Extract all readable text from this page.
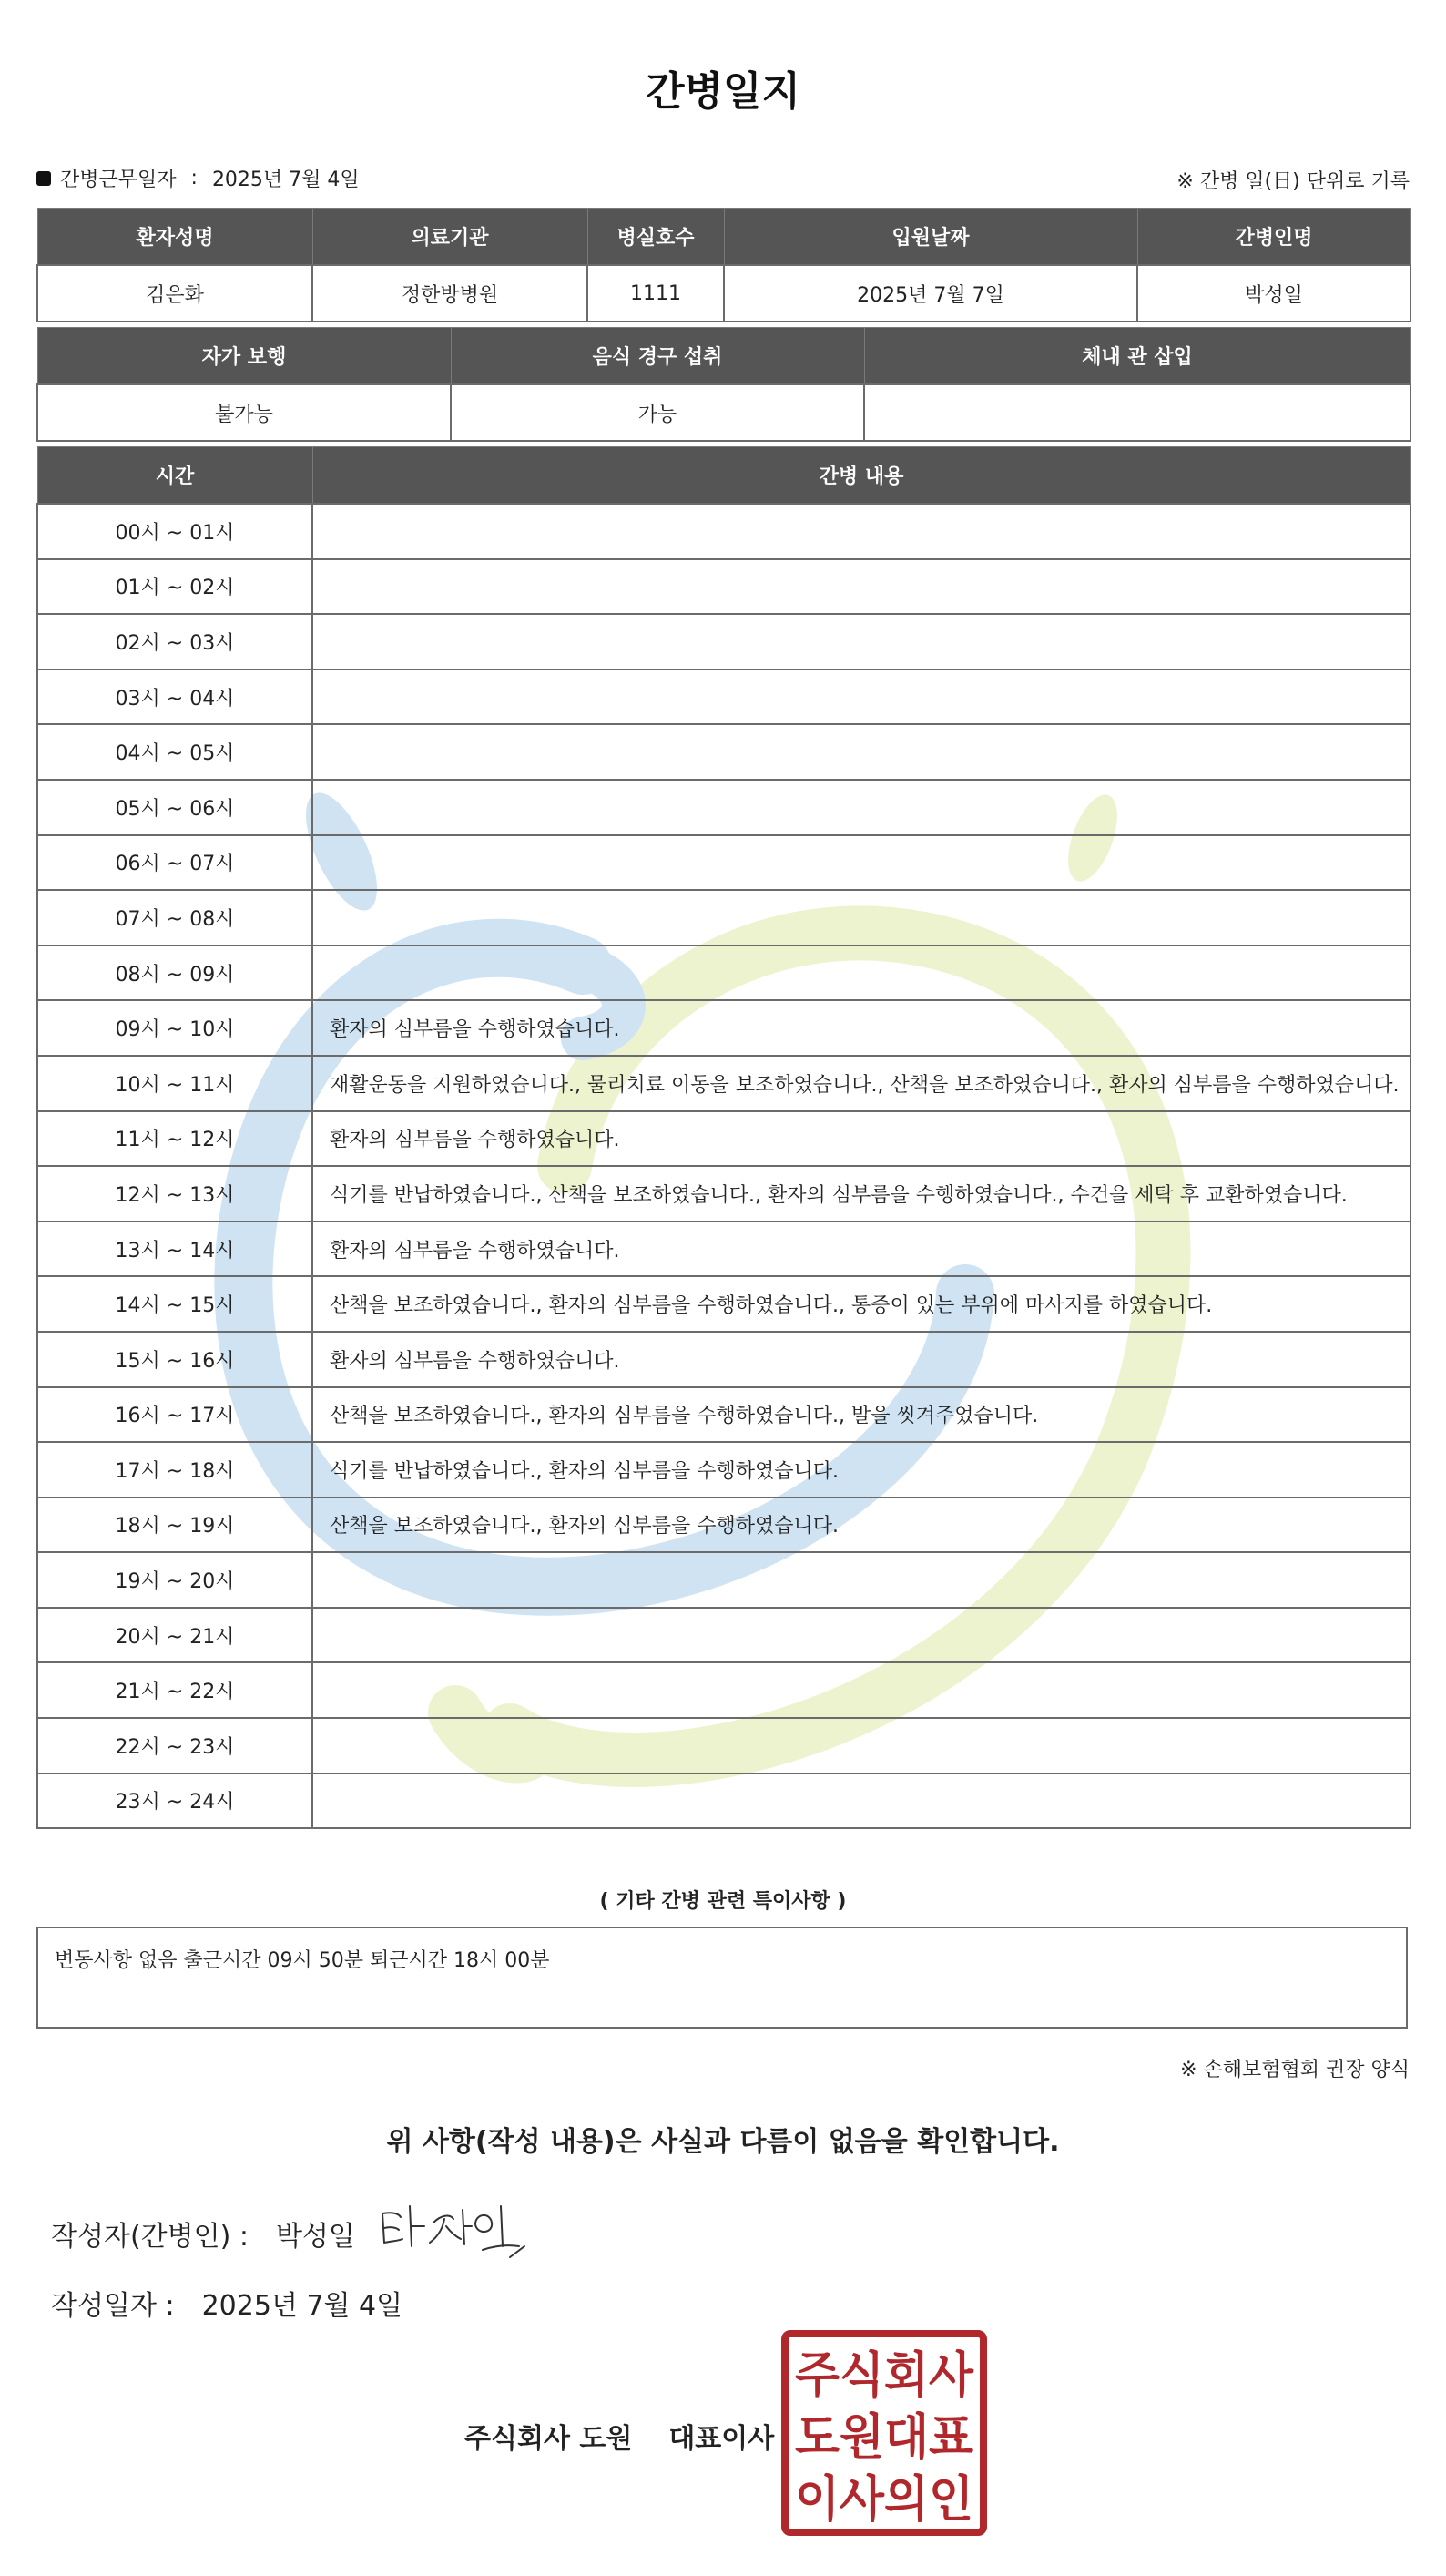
간병일지
간병근무일자 : 2025년 7월 4일	※ 간병 일(日) 단위로 기록
환자성명	의료기관	병실호수	입원날짜	간병인명
김은화	정한방병원	1111	2025년 7월 7일	박성일
자가 보행	음식 경구 섭취	체내 관 삽입
불가능	가능	
시간	간병 내용
00시 ~ 01시	
01시 ~ 02시	
02시 ~ 03시	
03시 ~ 04시	
04시 ~ 05시	
05시 ~ 06시	
06시 ~ 07시	
07시 ~ 08시	
08시 ~ 09시	
09시 ~ 10시	환자의 심부름을 수행하였습니다.
10시 ~ 11시	재활운동을 지원하였습니다., 물리치료 이동을 보조하였습니다., 산책을 보조하였습니다., 환자의 심부름을 수행하였습니다.
11시 ~ 12시	환자의 심부름을 수행하였습니다.
12시 ~ 13시	식기를 반납하였습니다., 산책을 보조하였습니다., 환자의 심부름을 수행하였습니다., 수건을 세탁 후 교환하였습니다.
13시 ~ 14시	환자의 심부름을 수행하였습니다.
14시 ~ 15시	산책을 보조하였습니다., 환자의 심부름을 수행하였습니다., 통증이 있는 부위에 마사지를 하였습니다.
15시 ~ 16시	환자의 심부름을 수행하였습니다.
16시 ~ 17시	산책을 보조하였습니다., 환자의 심부름을 수행하였습니다., 발을 씻겨주었습니다.
17시 ~ 18시	식기를 반납하였습니다., 환자의 심부름을 수행하였습니다.
18시 ~ 19시	산책을 보조하였습니다., 환자의 심부름을 수행하였습니다.
19시 ~ 20시	
20시 ~ 21시	
21시 ~ 22시	
22시 ~ 23시	
23시 ~ 24시	
( 기타 간병 관련 특이사항 )
변동사항 없음 출근시간 09시 50분 퇴근시간 18시 00분
※ 손해보험협회 권장 양식
위 사항(작성 내용)은 사실과 다름이 없음을 확인합니다.
작성자(간병인) : 박성일
작성일자 : 2025년 7월 4일
주식회사 도원 대표이사
주식회사
도원대표
이사의인
